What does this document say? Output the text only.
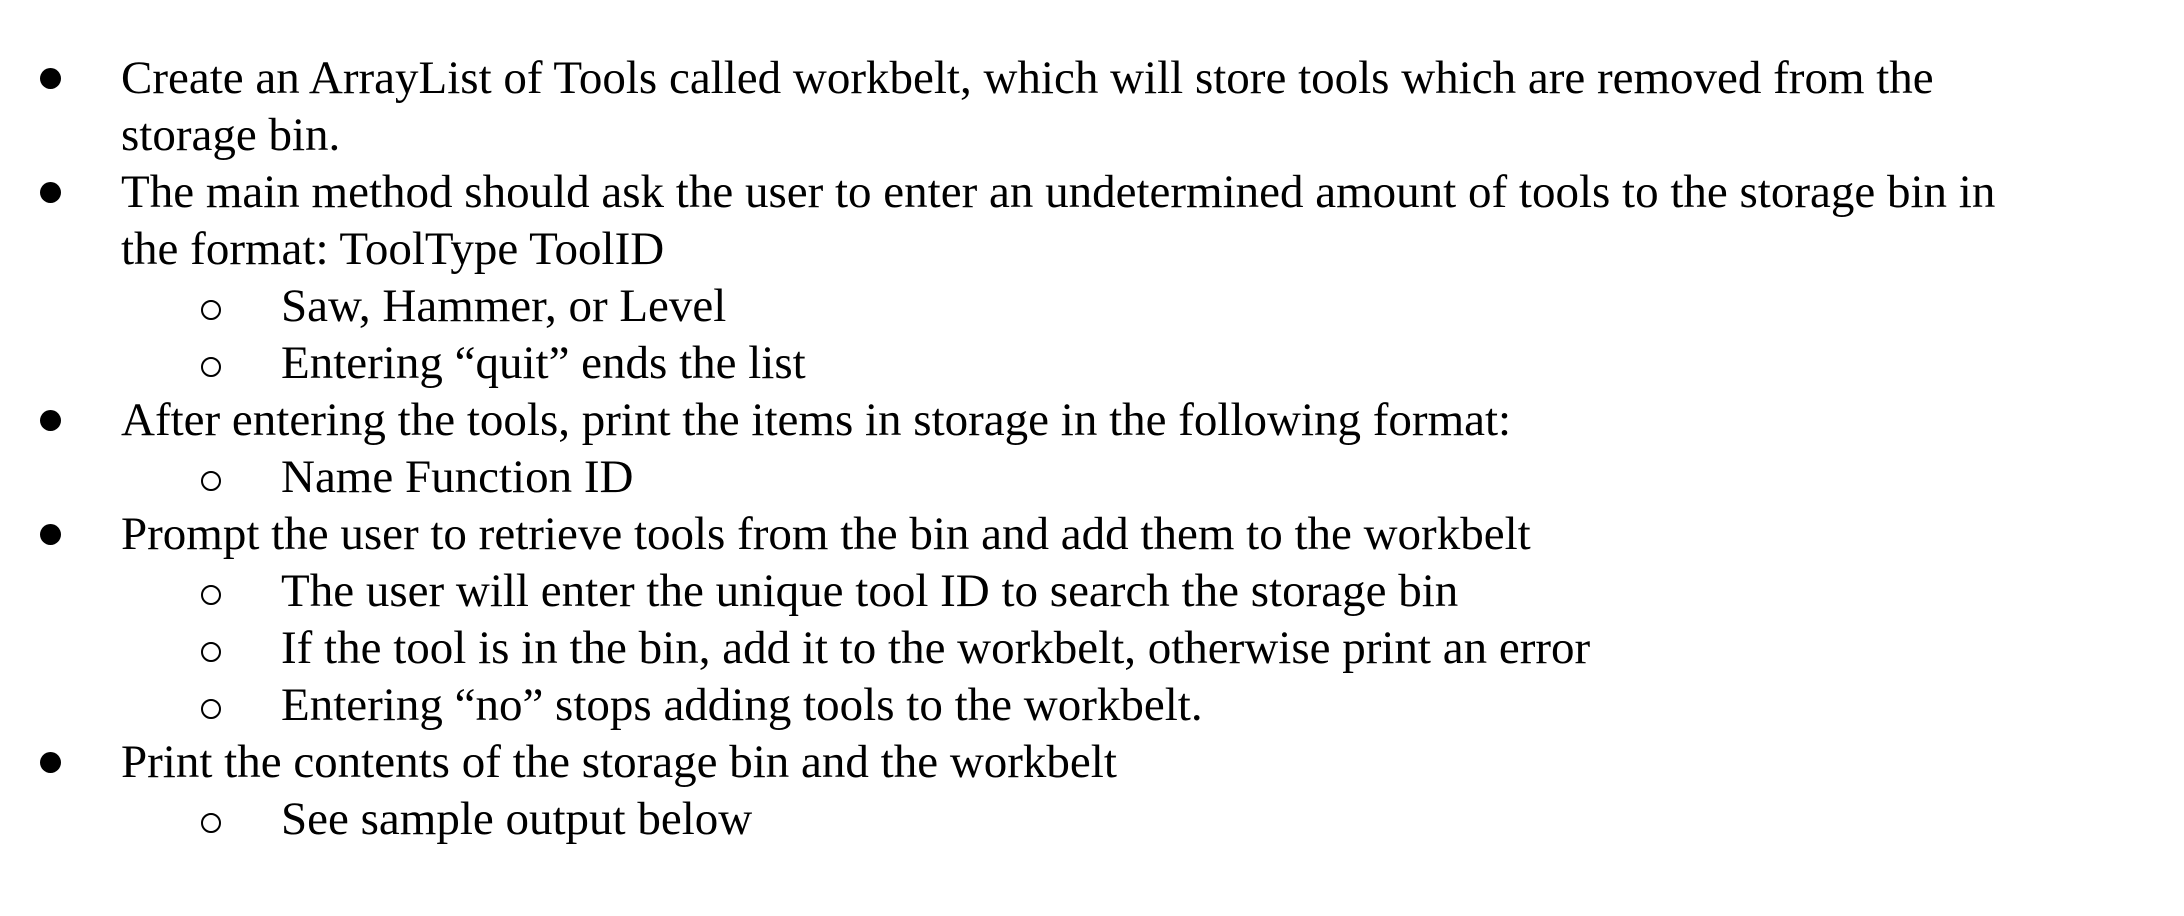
Create an ArrayList of Tools called workbelt, which will store tools which are removed from the storage bin.
The main method should ask the user to enter an undetermined amount of tools to the storage bin in the format: ToolType ToolID
Saw, Hammer, or Level
Entering “quit” ends the list
After entering the tools, print the items in storage in the following format:
Name Function ID
Prompt the user to retrieve tools from the bin and add them to the workbelt
The user will enter the unique tool ID to search the storage bin
If the tool is in the bin, add it to the workbelt, otherwise print an error
Entering “no” stops adding tools to the workbelt.
Print the contents of the storage bin and the workbelt
See sample output below
